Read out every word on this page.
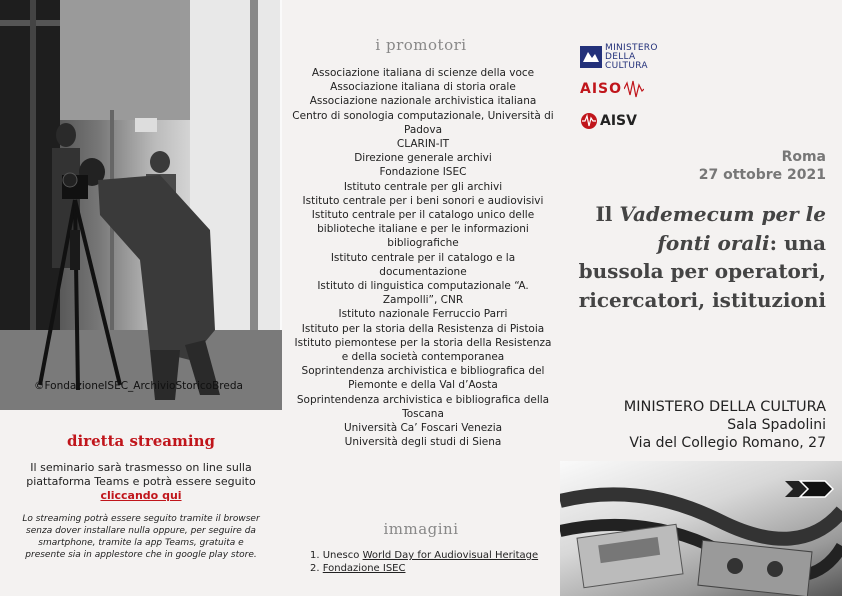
©FondazioneISEC_ArchivioStoricoBreda
diretta streaming
Il seminario sarà trasmesso on line sulla piattaforma Teams e potrà essere seguito
cliccando qui
Lo streaming potrà essere seguito tramite il browser senza dover installare nulla oppure, per seguire da smartphone, tramite la app Teams, gratuita e presente sia in applestore che in google play store.
i promotori
Associazione italiana di scienze della voce
Associazione italiana di storia orale
Associazione nazionale archivistica italiana
Centro di sonologia computazionale, Università di Padova
CLARIN-IT
Direzione generale archivi
Fondazione ISEC
Istituto centrale per gli archivi
Istituto centrale per i beni sonori e audiovisivi
Istituto centrale per il catalogo unico delle biblioteche italiane e per le informazioni bibliografiche
Istituto centrale per il catalogo e la documentazione
Istituto di linguistica computazionale “A. Zampolli”, CNR
Istituto nazionale Ferruccio Parri
Istituto per la storia della Resistenza di Pistoia
Istituto piemontese per la storia della Resistenza e della società contemporanea
Soprintendenza archivistica e bibliografica del Piemonte e della Val d’Aosta
Soprintendenza archivistica e bibliografica della Toscana
Università Ca’ Foscari Venezia
Università degli studi di Siena
immagini
1. Unesco World Day for Audiovisual Heritage
2. Fondazione ISEC
MINISTERO DELLA CULTURA
AISO
AISV
Roma
27 ottobre 2021
Il Vademecum per le fonti orali: una bussola per operatori, ricercatori, istituzioni
MINISTERO DELLA CULTURA
Sala Spadolini
Via del Collegio Romano, 27
